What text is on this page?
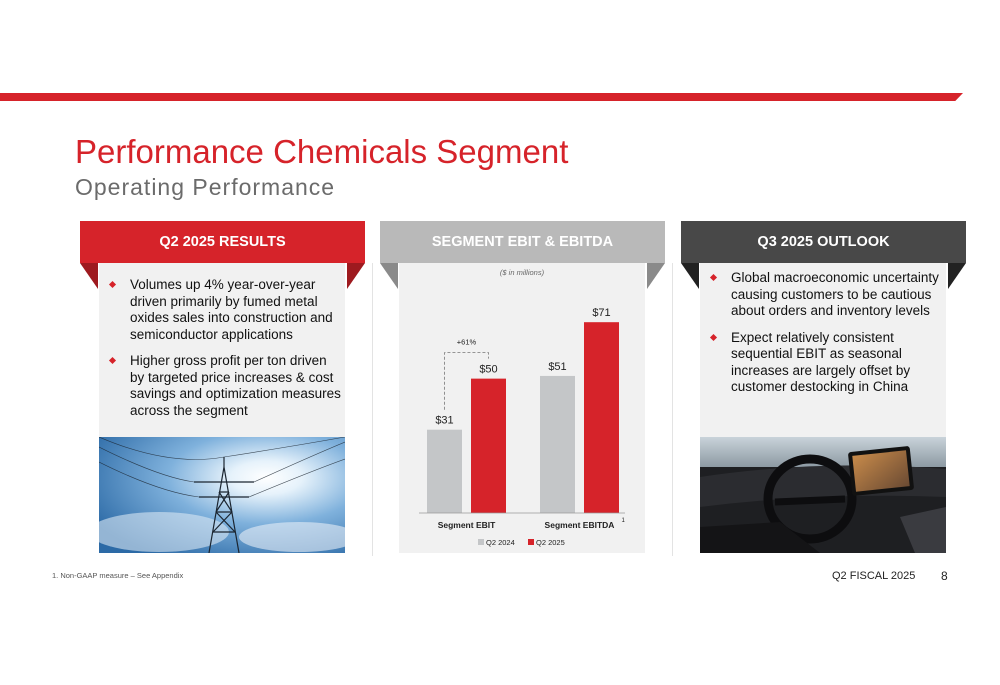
Performance Chemicals Segment
Operating Performance
Q2 2025 RESULTS
Volumes up 4% year-over-year driven primarily by fumed metal oxides sales into construction and semiconductor applications
Higher gross profit per ton driven by targeted price increases & cost savings and optimization measures across the segment
SEGMENT EBIT & EBITDA
($ in millions)
$31
$50	$51
$71
Segment EBIT	Segment EBITDA 1
+61%
Q2 2024	Q2 2025
Q3 2025 OUTLOOK
Global macroeconomic uncertainty causing customers to be cautious about orders and inventory levels
Expect relatively consistent sequential EBIT as seasonal increases are largely offset by customer destocking in China
1. Non-GAAP measure – See Appendix	Q2 FISCAL 2025 8
